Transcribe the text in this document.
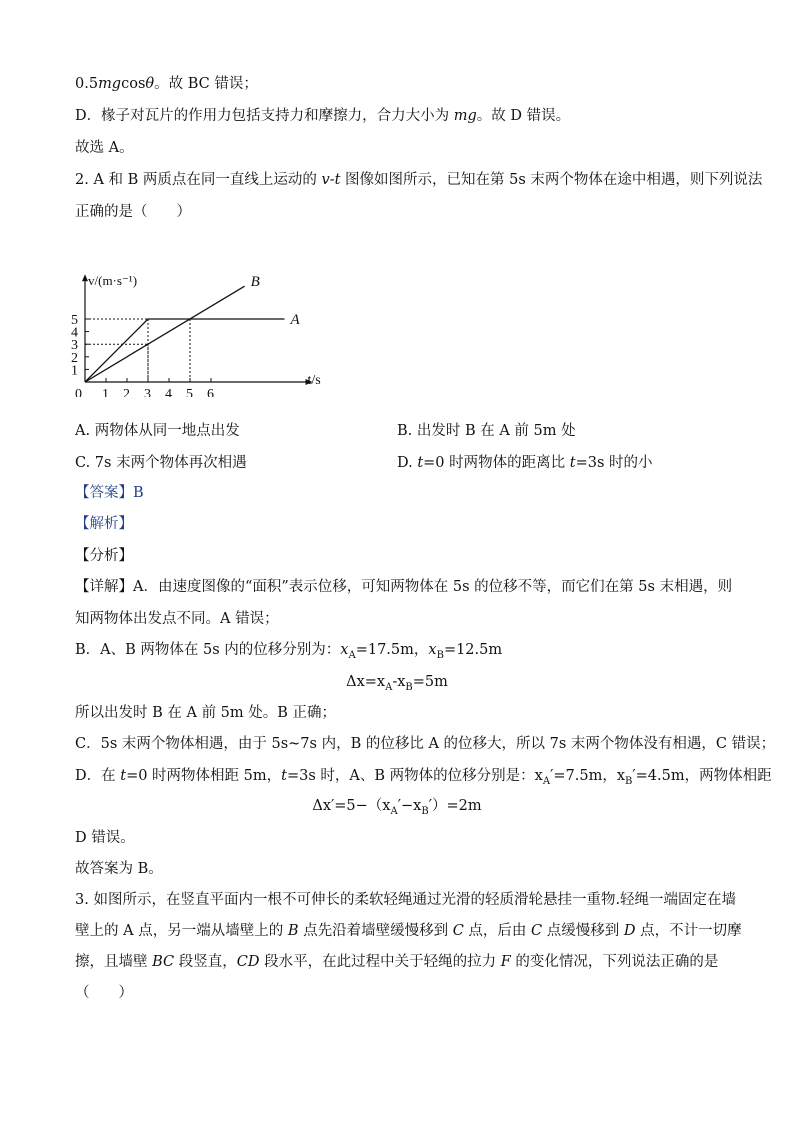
0.5mgcosθ。故 BC 错误；
D．椽子对瓦片的作用力包括支持力和摩擦力，合力大小为 mg。故 D 错误。
故选 A。
2. A 和 B 两质点在同一直线上运动的 v-t 图像如图所示，已知在第 5s 末两个物体在途中相遇，则下列说法
正确的是（　　）
t/s
v/(m·s⁻¹)
0 1 2 3 4 5 6
1
2
3
4
5	A
B
A. 两物体从同一地点出发	B. 出发时 B 在 A 前 5m 处
C. 7s 末两个物体再次相遇	D. t=0 时两物体的距离比 t=3s 时的小
【答案】B
【解析】
【分析】
【详解】A．由速度图像的“面积”表示位移，可知两物体在 5s 的位移不等，而它们在第 5s 末相遇，则
知两物体出发点不同。A 错误；
B．A、B 两物体在 5s 内的位移分别为：$x_A=17.5m$，$x_B=12.5m$
$\Delta x=x_A-x_B=5m$
所以出发时 B 在 A 前 5m 处。B 正确；
C．5s 末两个物体相遇，由于 5s~7s 内，B 的位移比 A 的位移大，所以 7s 末两个物体没有相遇，C 错误；
D．在 t=0 时两物体相距 5m，t=3s 时，A、B 两物体的位移分别是：$x_A'=7.5m$，$x_B'=4.5m$，两物体相距
$\Delta x'=5-(x_A'-x_B')=2m$
D 错误。
故答案为 B。
3. 如图所示，在竖直平面内一根不可伸长的柔软轻绳通过光滑的轻质滑轮悬挂一重物.轻绳一端固定在墙
壁上的 A 点，另一端从墙壁上的 B 点先沿着墙壁缓慢移到 C 点，后由 C 点缓慢移到 D 点，不计一切摩
擦，且墙壁 BC 段竖直，CD 段水平，在此过程中关于轻绳的拉力 F 的变化情况，下列说法正确的是
（　　）
